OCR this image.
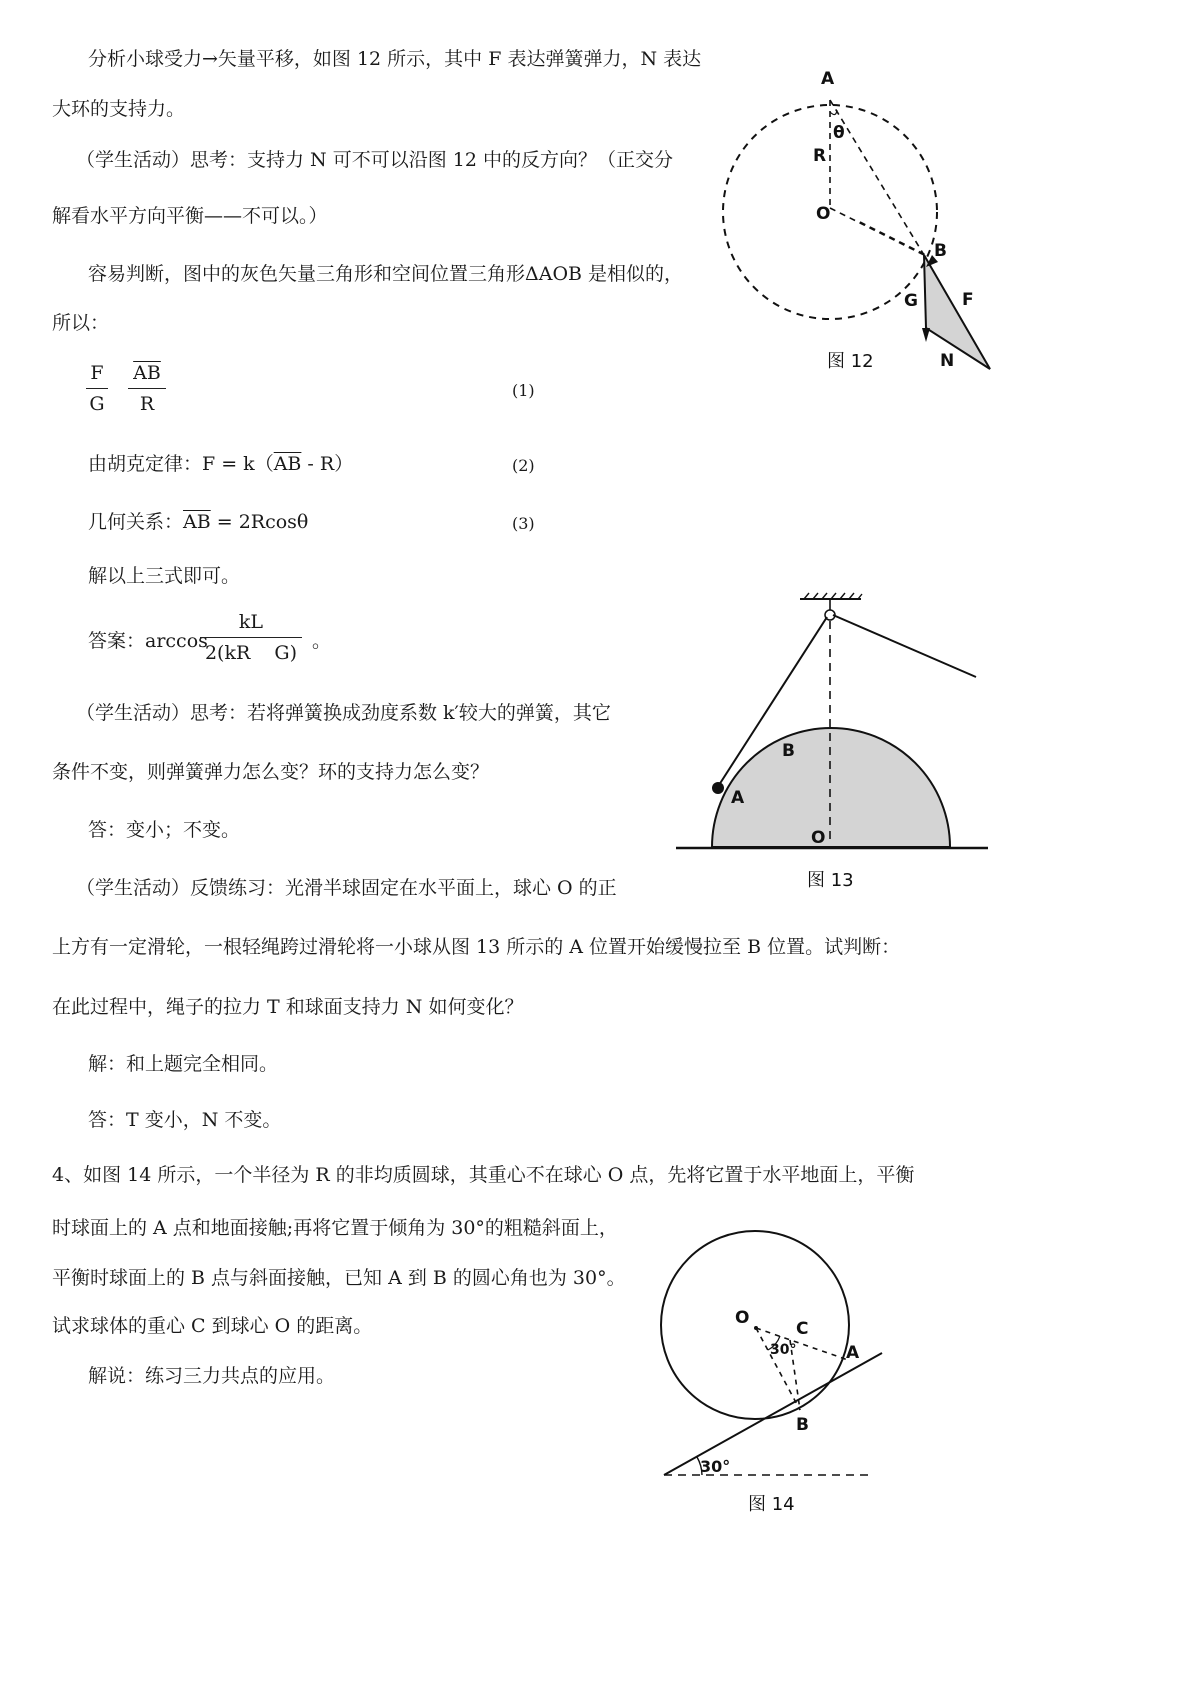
分析小球受力→矢量平移，如图 12 所示，其中 F 表达弹簧弹力，N 表达
大环的支持力。
（学生活动）思考：支持力 N 可不可以沿图 12 中的反方向？（正交分
解看水平方向平衡——不可以。）
容易判断，图中的灰色矢量三角形和空间位置三角形ΔAOB 是相似的，
所以：
$\frac{F}{G} \frac{\overline{AB}}{R}$	(1)
由胡克定律：$F = k(\overline{AB} - R)$	(2)
几何关系：$\overline{AB} = 2Rcos\theta$	(3)
解以上三式即可。
答案：arccos
$\frac{kL}{\text{2(kR    G)}}$ 。
（学生活动）思考：若将弹簧换成劲度系数 k′较大的弹簧，其它
条件不变，则弹簧弹力怎么变？环的支持力怎么变？
答：变小；不变。
（学生活动）反馈练习：光滑半球固定在水平面上，球心 O 的正
上方有一定滑轮，一根轻绳跨过滑轮将一小球从图 13 所示的 A 位置开始缓慢拉至 B 位置。试判断：
在此过程中，绳子的拉力 T 和球面支持力 N 如何变化？
解：和上题完全相同。
答：T 变小，N 不变。
4、如图 14 所示，一个半径为 R 的非均质圆球，其重心不在球心 O 点，先将它置于水平地面上，平衡
时球面上的 A 点和地面接触;再将它置于倾角为 30°的粗糙斜面上，
平衡时球面上的 B 点与斜面接触，已知 A 到 B 的圆心角也为 30°。
试求球体的重心 C 到球心 O 的距离。
解说：练习三力共点的应用。
A
θ
R
O
B
G	F
N
图 12
B
A
O
图 13
O
C
30°	A
B
30°
图 14
